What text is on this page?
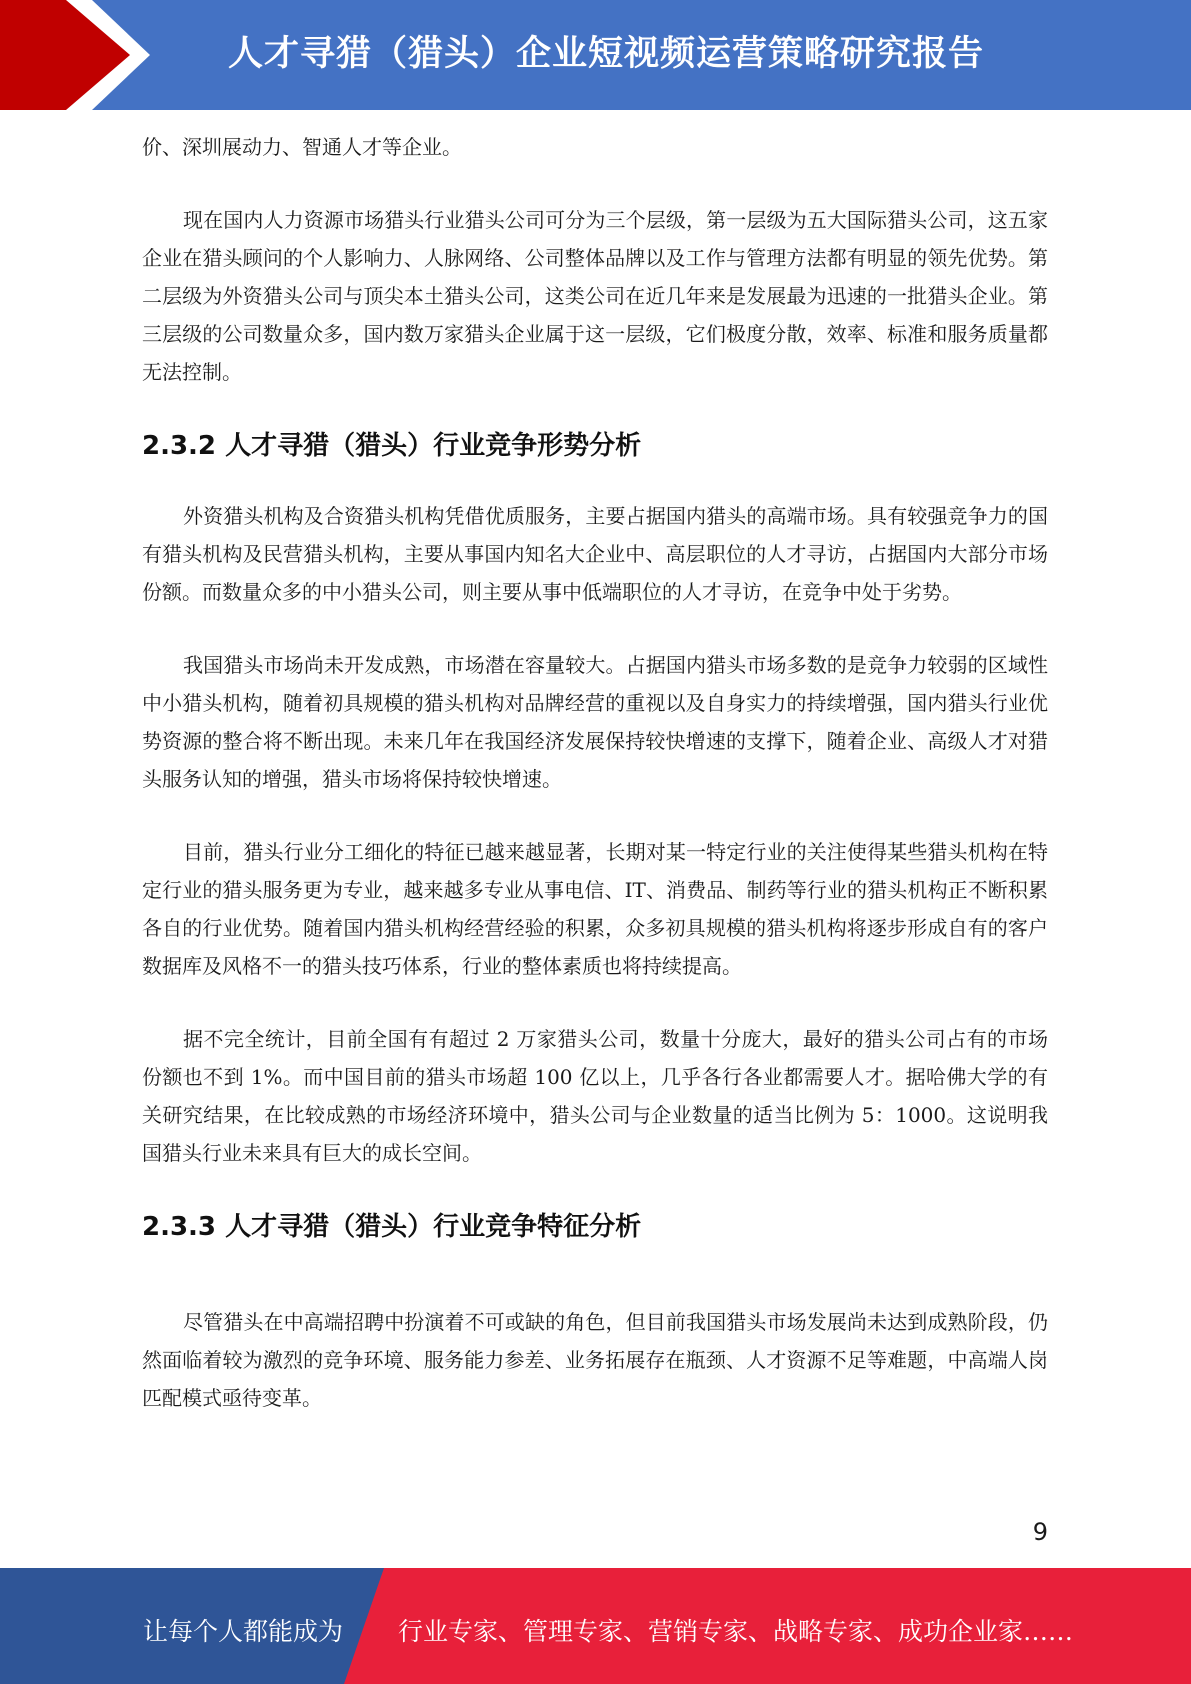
人才寻猎（猎头）企业短视频运营策略研究报告

价、深圳展动力、智通人才等企业。

现在国内人力资源市场猎头行业猎头公司可分为三个层级，第一层级为五大国际猎头公司，这五家企业在猎头顾问的个人影响力、人脉网络、公司整体品牌以及工作与管理方法都有明显的领先优势。第二层级为外资猎头公司与顶尖本土猎头公司，这类公司在近几年来是发展最为迅速的一批猎头企业。第三层级的公司数量众多，国内数万家猎头企业属于这一层级，它们极度分散，效率、标准和服务质量都无法控制。

2.3.2 人才寻猎（猎头）行业竞争形势分析

外资猎头机构及合资猎头机构凭借优质服务，主要占据国内猎头的高端市场。具有较强竞争力的国有猎头机构及民营猎头机构，主要从事国内知名大企业中、高层职位的人才寻访，占据国内大部分市场份额。而数量众多的中小猎头公司，则主要从事中低端职位的人才寻访，在竞争中处于劣势。

我国猎头市场尚未开发成熟，市场潜在容量较大。占据国内猎头市场多数的是竞争力较弱的区域性中小猎头机构，随着初具规模的猎头机构对品牌经营的重视以及自身实力的持续增强，国内猎头行业优势资源的整合将不断出现。未来几年在我国经济发展保持较快增速的支撑下，随着企业、高级人才对猎头服务认知的增强，猎头市场将保持较快增速。

目前，猎头行业分工细化的特征已越来越显著，长期对某一特定行业的关注使得某些猎头机构在特定行业的猎头服务更为专业，越来越多专业从事电信、IT、消费品、制药等行业的猎头机构正不断积累各自的行业优势。随着国内猎头机构经营经验的积累，众多初具规模的猎头机构将逐步形成自有的客户数据库及风格不一的猎头技巧体系，行业的整体素质也将持续提高。

据不完全统计，目前全国有有超过 2 万家猎头公司，数量十分庞大，最好的猎头公司占有的市场份额也不到 1%。而中国目前的猎头市场超 100 亿以上，几乎各行各业都需要人才。据哈佛大学的有关研究结果，在比较成熟的市场经济环境中，猎头公司与企业数量的适当比例为 5：1000。这说明我国猎头行业未来具有巨大的成长空间。

2.3.3 人才寻猎（猎头）行业竞争特征分析

尽管猎头在中高端招聘中扮演着不可或缺的角色，但目前我国猎头市场发展尚未达到成熟阶段，仍然面临着较为激烈的竞争环境、服务能力参差、业务拓展存在瓶颈、人才资源不足等难题，中高端人岗匹配模式亟待变革。

9
让每个人都能成为 行业专家、管理专家、营销专家、战略专家、成功企业家……
